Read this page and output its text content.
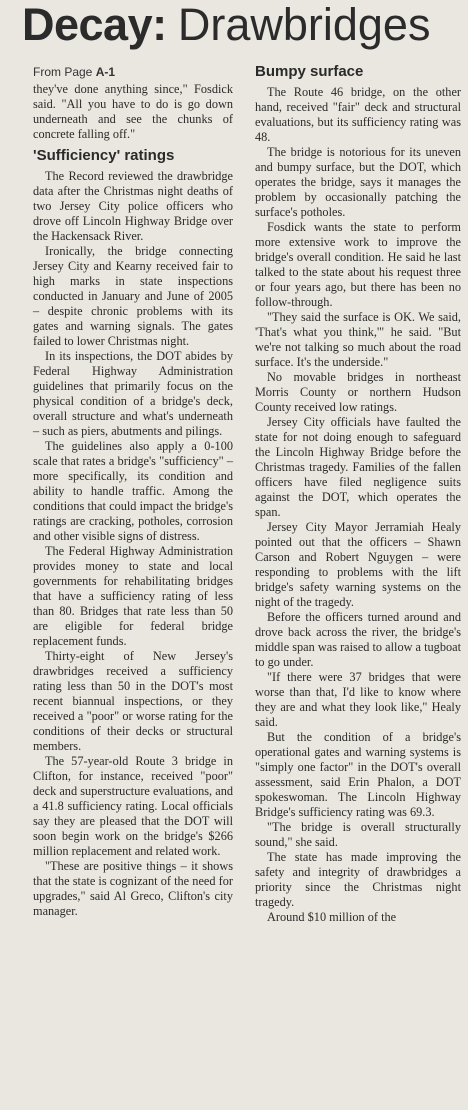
Decay: Drawbridges
From Page A-1

they've done anything since," Fosdick said. "All you have to do is go down underneath and see the chunks of concrete falling off."

'Sufficiency' ratings

The Record reviewed the drawbridge data after the Christmas night deaths of two Jersey City police officers who drove off Lincoln Highway Bridge over the Hackensack River.

Ironically, the bridge connecting Jersey City and Kearny received fair to high marks in state inspections conducted in January and June of 2005 – despite chronic problems with its gates and warning signals. The gates failed to lower Christmas night.

In its inspections, the DOT abides by Federal Highway Administration guidelines that primarily focus on the physical condition of a bridge's deck, overall structure and what's underneath – such as piers, abutments and pilings.

The guidelines also apply a 0-100 scale that rates a bridge's "sufficiency" – more specifically, its condition and ability to handle traffic. Among the conditions that could impact the bridge's ratings are cracking, potholes, corrosion and other visible signs of distress.

The Federal Highway Administration provides money to state and local governments for rehabilitating bridges that have a sufficiency rating of less than 80. Bridges that rate less than 50 are eligible for federal bridge replacement funds.

Thirty-eight of New Jersey's drawbridges received a sufficiency rating less than 50 in the DOT's most recent biannual inspections, or they received a "poor" or worse rating for the conditions of their decks or structural members.

The 57-year-old Route 3 bridge in Clifton, for instance, received "poor" deck and superstructure evaluations, and a 41.8 sufficiency rating. Local officials say they are pleased that the DOT will soon begin work on the bridge's $266 million replacement and related work.

"These are positive things – it shows that the state is cognizant of the need for upgrades," said Al Greco, Clifton's city manager.

Bumpy surface

The Route 46 bridge, on the other hand, received "fair" deck and structural evaluations, but its sufficiency rating was 48.

The bridge is notorious for its uneven and bumpy surface, but the DOT, which operates the bridge, says it manages the problem by occasionally patching the surface's potholes.

Fosdick wants the state to perform more extensive work to improve the bridge's overall condition. He said he last talked to the state about his request three or four years ago, but there has been no follow-through.

"They said the surface is OK. We said, 'That's what you think,'" he said. "But we're not talking so much about the road surface. It's the underside."

No movable bridges in northeast Morris County or northern Hudson County received low ratings.

Jersey City officials have faulted the state for not doing enough to safeguard the Lincoln Highway Bridge before the Christmas tragedy. Families of the fallen officers have filed negligence suits against the DOT, which operates the span.

Jersey City Mayor Jerramiah Healy pointed out that the officers – Shawn Carson and Robert Nguygen – were responding to problems with the lift bridge's safety warning systems on the night of the tragedy.

Before the officers turned around and drove back across the river, the bridge's middle span was raised to allow a tugboat to go under.

"If there were 37 bridges that were worse than that, I'd like to know where they are and what they look like," Healy said.

But the condition of a bridge's operational gates and warning systems is "simply one factor" in the DOT's overall assessment, said Erin Phalon, a DOT spokeswoman. The Lincoln Highway Bridge's sufficiency rating was 69.3.

"The bridge is overall structurally sound," she said.

The state has made improving the safety and integrity of drawbridges a priority since the Christmas night tragedy.

Around $10 million of the
